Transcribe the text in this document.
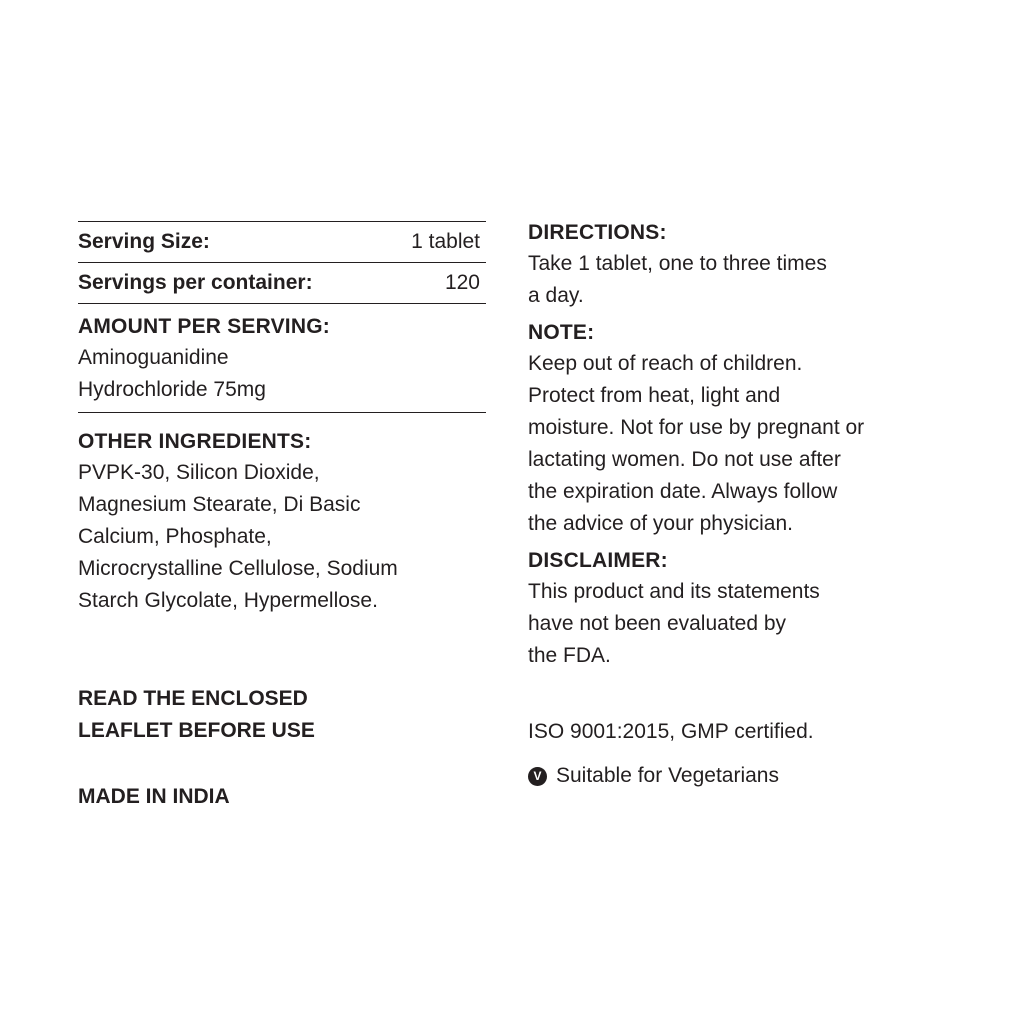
Serving Size:	1 tablet
Servings per container:	120
AMOUNT PER SERVING:
Aminoguanidine
Hydrochloride 75mg
OTHER INGREDIENTS:
PVPK-30, Silicon Dioxide,
Magnesium Stearate, Di Basic
Calcium, Phosphate,
Microcrystalline Cellulose, Sodium
Starch Glycolate, Hypermellose.
READ THE ENCLOSED
LEAFLET BEFORE USE
MADE IN INDIA
DIRECTIONS:
Take 1 tablet, one to three times
a day.
NOTE:
Keep out of reach of children.
Protect from heat, light and
moisture. Not for use by pregnant or
lactating women. Do not use after
the expiration date. Always follow
the advice of your physician.
DISCLAIMER:
This product and its statements
have not been evaluated by
the FDA.
ISO 9001:2015, GMP certified.
V Suitable for Vegetarians
